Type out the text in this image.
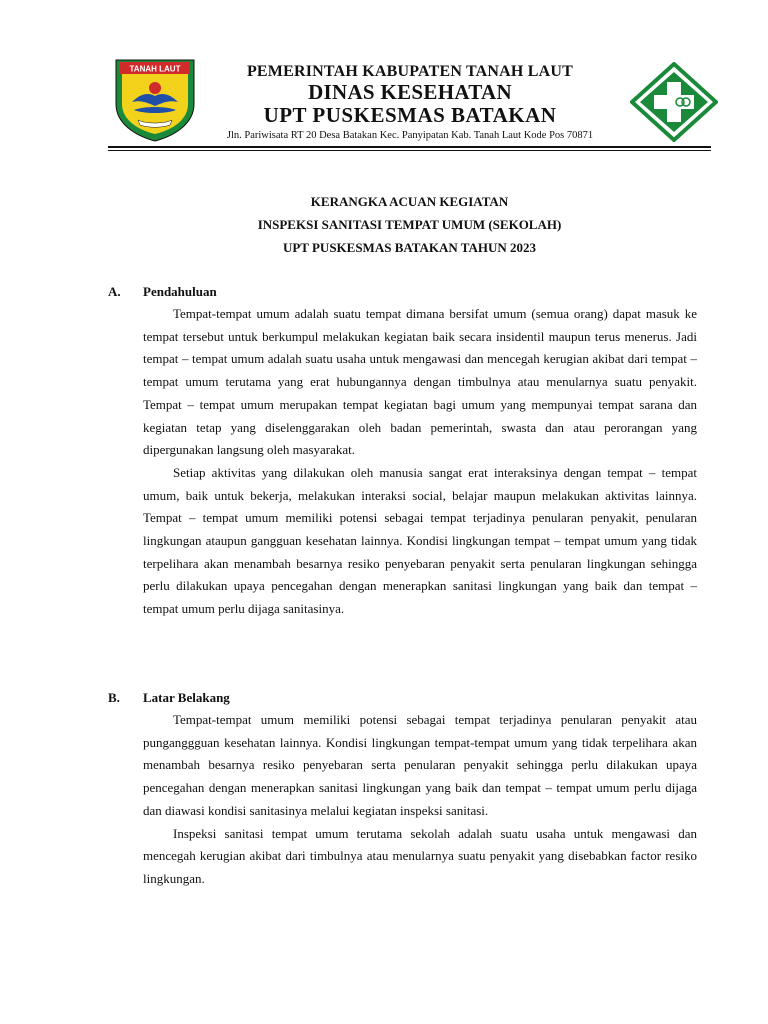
TANAH LAUT	PEMERINTAH KABUPATEN TANAH LAUT
DINAS KESEHATAN
UPT PUSKESMAS BATAKAN
Jln. Pariwisata RT 20 Desa Batakan Kec. Panyipatan Kab. Tanah Laut Kode Pos 70871
KERANGKA ACUAN KEGIATAN
INSPEKSI SANITASI TEMPAT UMUM (SEKOLAH)
UPT PUSKESMAS BATAKAN TAHUN 2023
A. Pendahuluan

Tempat-tempat umum adalah suatu tempat dimana bersifat umum (semua orang) dapat masuk ke tempat tersebut untuk berkumpul melakukan kegiatan baik secara insidentil maupun terus menerus. Jadi tempat – tempat umum adalah suatu usaha untuk mengawasi dan mencegah kerugian akibat dari tempat – tempat umum terutama yang erat hubungannya dengan timbulnya atau menularnya suatu penyakit. Tempat – tempat umum merupakan tempat kegiatan bagi umum yang mempunyai tempat sarana dan kegiatan tetap yang diselenggarakan oleh badan pemerintah, swasta dan atau perorangan yang dipergunakan langsung oleh masyarakat.

Setiap aktivitas yang dilakukan oleh manusia sangat erat interaksinya dengan tempat – tempat umum, baik untuk bekerja, melakukan interaksi social, belajar maupun melakukan aktivitas lainnya. Tempat – tempat umum memiliki potensi sebagai tempat terjadinya penularan penyakit, penularan lingkungan ataupun gangguan kesehatan lainnya. Kondisi lingkungan tempat – tempat umum yang tidak terpelihara akan menambah besarnya resiko penyebaran penyakit serta penularan lingkungan sehingga perlu dilakukan upaya pencegahan dengan menerapkan sanitasi lingkungan yang baik dan tempat – tempat umum perlu dijaga sanitasinya.

B. Latar Belakang

Tempat-tempat umum memiliki potensi sebagai tempat terjadinya penularan penyakit atau punganggguan kesehatan lainnya. Kondisi lingkungan tempat-tempat umum yang tidak terpelihara akan menambah besarnya resiko penyebaran serta penularan penyakit sehingga perlu dilakukan upaya pencegahan dengan menerapkan sanitasi lingkungan yang baik dan tempat – tempat umum perlu dijaga dan diawasi kondisi sanitasinya melalui kegiatan inspeksi sanitasi.

Inspeksi sanitasi tempat umum terutama sekolah adalah suatu usaha untuk mengawasi dan mencegah kerugian akibat dari timbulnya atau menularnya suatu penyakit yang disebabkan factor resiko lingkungan.
